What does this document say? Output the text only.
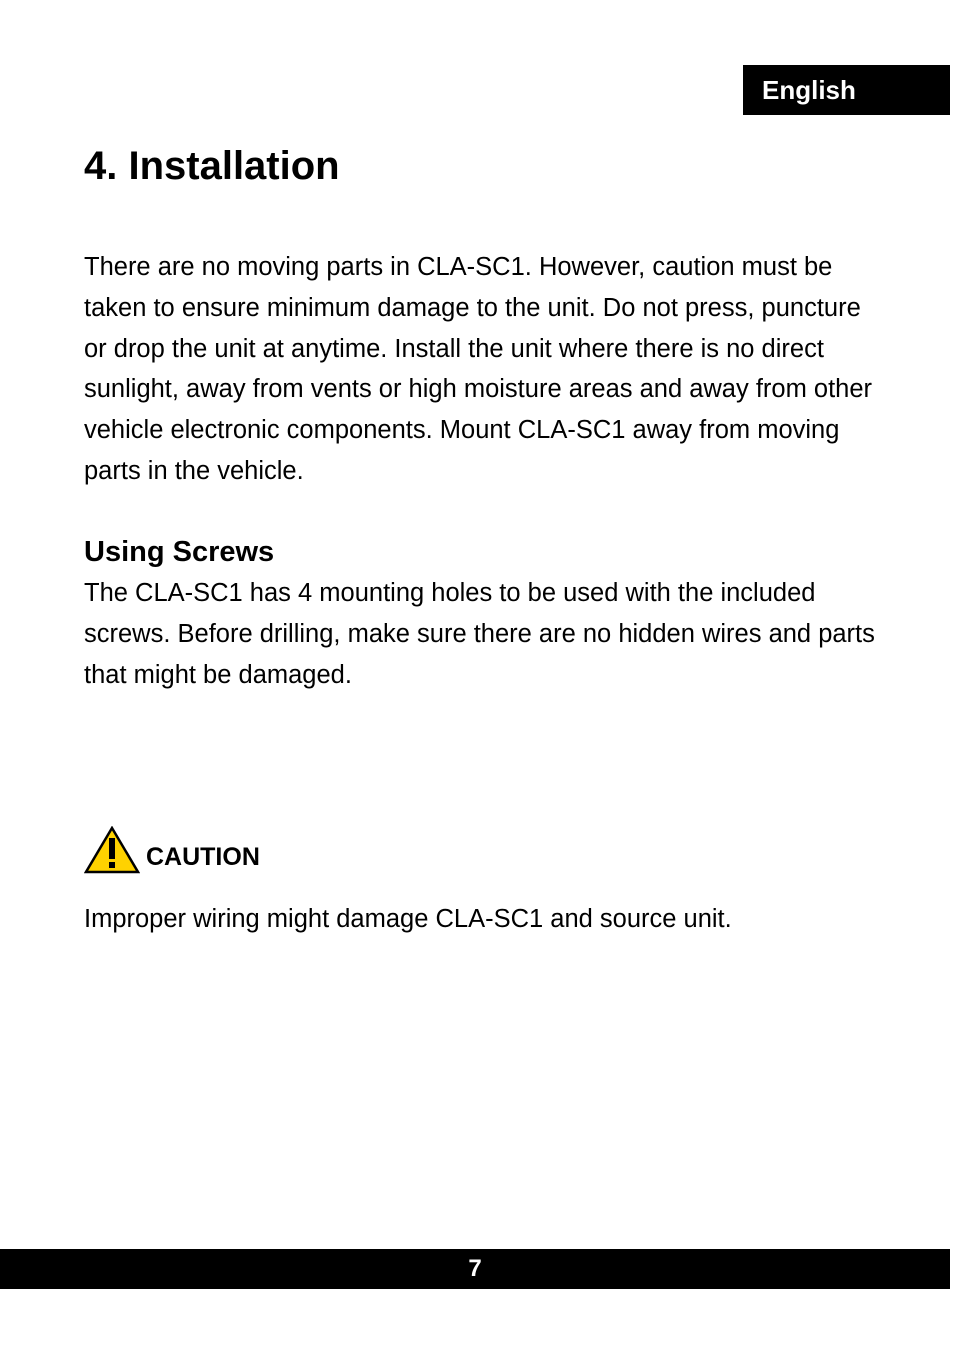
English
4. Installation

There are no moving parts in CLA-SC1. However, caution must be taken to ensure minimum damage to the unit. Do not press, puncture or drop the unit at anytime. Install the unit where there is no direct sunlight, away from vents or high moisture areas and away from other vehicle electronic components. Mount CLA-SC1 away from moving parts in the vehicle.

Using Screws

The CLA-SC1 has 4 mounting holes to be used with the included screws. Before drilling, make sure there are no hidden wires and parts that might be damaged.

CAUTION

Improper wiring might damage CLA-SC1 and source unit.

7
